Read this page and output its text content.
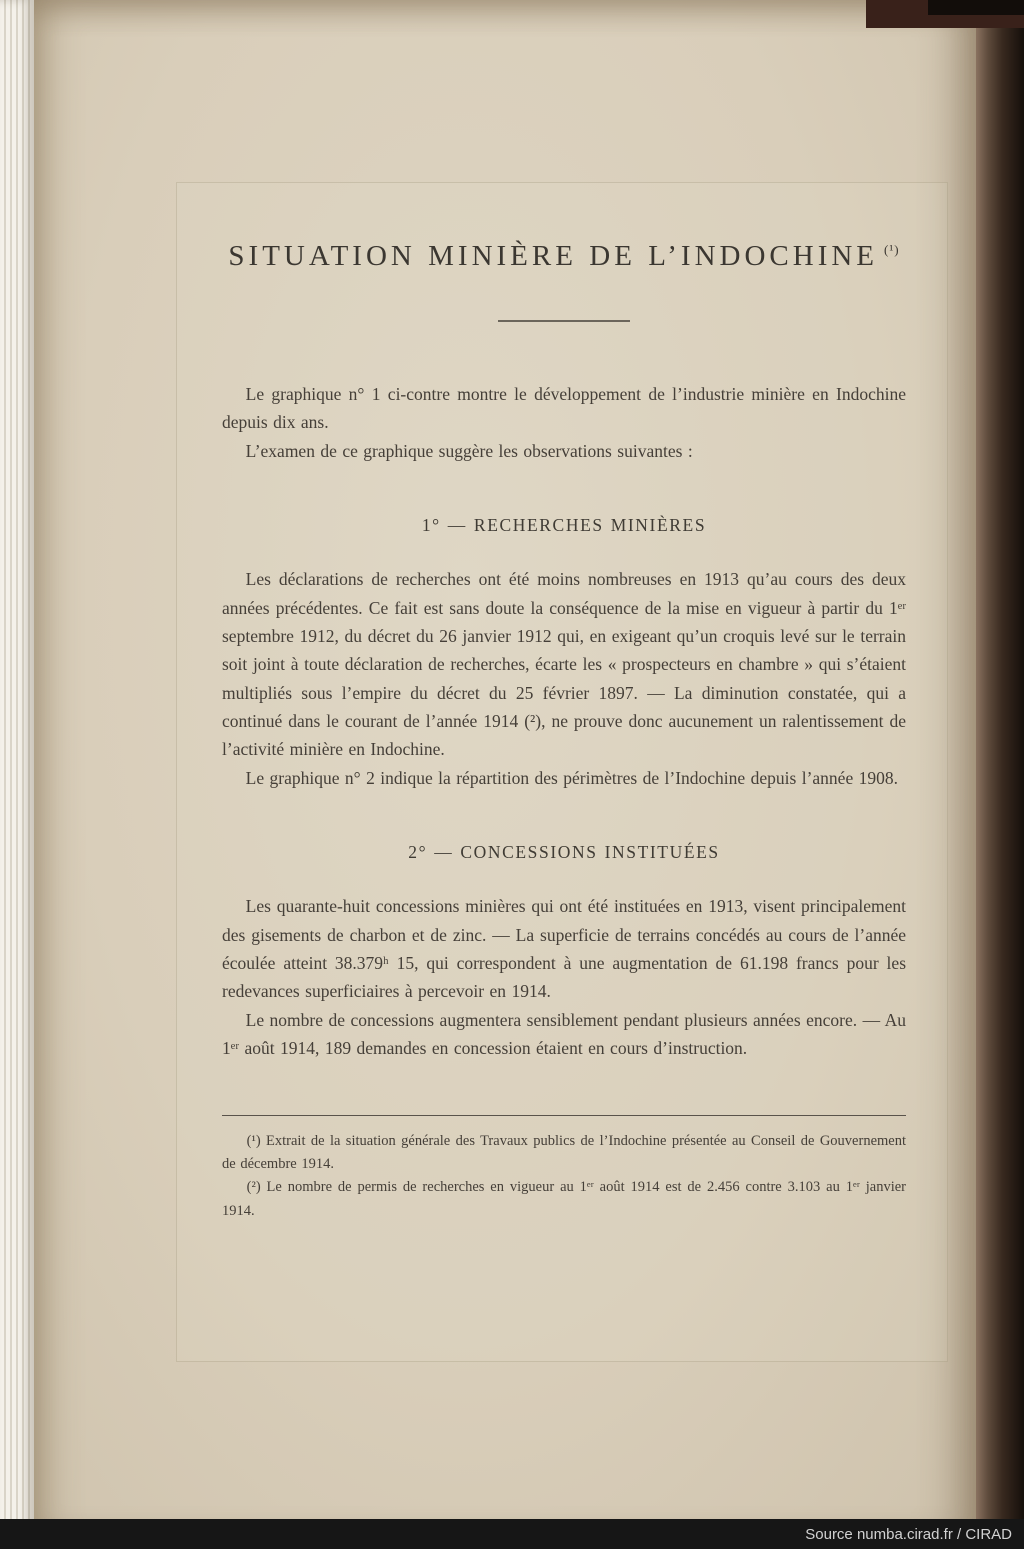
SITUATION MINIÈRE DE L’INDOCHINE $^{(^1)}$

Le graphique n° 1 ci-contre montre le développement de l’industrie minière en Indochine depuis dix ans.

L’examen de ce graphique suggère les observations suivantes :

1° — RECHERCHES MINIÈRES

Les déclarations de recherches ont été moins nombreuses en 1913 qu’au cours des deux années précédentes. Ce fait est sans doute la conséquence de la mise en vigueur à partir du 1ᵉʳ septembre 1912, du décret du 26 janvier 1912 qui, en exigeant qu’un croquis levé sur le terrain soit joint à toute déclaration de recherches, écarte les « prospecteurs en chambre » qui s’étaient multipliés sous l’empire du décret du 25 février 1897. — La diminution constatée, qui a continué dans le courant de l’année 1914 (²), ne prouve donc aucunement un ralentissement de l’activité minière en Indochine.

Le graphique n° 2 indique la répartition des périmètres de l’Indochine depuis l’année 1908.

2° — CONCESSIONS INSTITUÉES

Les quarante-huit concessions minières qui ont été instituées en 1913, visent principalement des gisements de charbon et de zinc. — La superficie de terrains concédés au cours de l’année écoulée atteint 38.379ʰ 15, qui correspondent à une augmentation de 61.198 francs pour les redevances superficiaires à percevoir en 1914.

Le nombre de concessions augmentera sensiblement pendant plusieurs années encore. — Au 1ᵉʳ août 1914, 189 demandes en concession étaient en cours d’instruction.

(¹) Extrait de la situation générale des Travaux publics de l’Indochine présentée au Conseil de Gouvernement de décembre 1914.

(²) Le nombre de permis de recherches en vigueur au 1ᵉʳ août 1914 est de 2.456 contre 3.103 au 1ᵉʳ janvier 1914.

Source numba.cirad.fr / CIRAD
